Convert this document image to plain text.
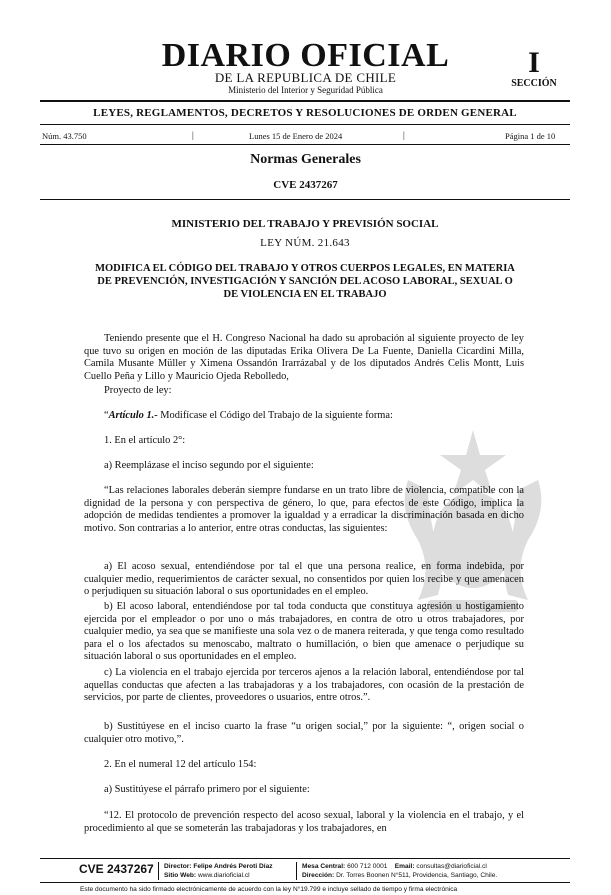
DIARIO OFICIAL
DE LA REPUBLICA DE CHILE
Ministerio del Interior y Seguridad Pública
I
SECCIÓN
LEYES, REGLAMENTOS, DECRETOS Y RESOLUCIONES DE ORDEN GENERAL
Núm. 43.750	|	Lunes 15 de Enero de 2024	|	Página 1 de 10
Normas Generales
CVE 2437267
MINISTERIO DEL TRABAJO Y PREVISIÓN SOCIAL
LEY NÚM. 21.643
MODIFICA EL CÓDIGO DEL TRABAJO Y OTROS CUERPOS LEGALES, EN MATERIA DE PREVENCIÓN, INVESTIGACIÓN Y SANCIÓN DEL ACOSO LABORAL, SEXUAL O DE VIOLENCIA EN EL TRABAJO

Teniendo presente que el H. Congreso Nacional ha dado su aprobación al siguiente proyecto de ley que tuvo su origen en moción de las diputadas Erika Olivera De La Fuente, Daniella Cicardini Milla, Camila Musante Müller y Ximena Ossandón Irarrázabal y de los diputados Andrés Celis Montt, Luis Cuello Peña y Lillo y Mauricio Ojeda Rebolledo,

Proyecto de ley:

“Artículo 1.- Modifícase el Código del Trabajo de la siguiente forma:

1. En el artículo 2°:

a) Reemplázase el inciso segundo por el siguiente:

“Las relaciones laborales deberán siempre fundarse en un trato libre de violencia, compatible con la dignidad de la persona y con perspectiva de género, lo que, para efectos de este Código, implica la adopción de medidas tendientes a promover la igualdad y a erradicar la discriminación basada en dicho motivo. Son contrarias a lo anterior, entre otras conductas, las siguientes:

a) El acoso sexual, entendiéndose por tal el que una persona realice, en forma indebida, por cualquier medio, requerimientos de carácter sexual, no consentidos por quien los recibe y que amenacen o perjudiquen su situación laboral o sus oportunidades en el empleo.

b) El acoso laboral, entendiéndose por tal toda conducta que constituya agresión u hostigamiento ejercida por el empleador o por uno o más trabajadores, en contra de otro u otros trabajadores, por cualquier medio, ya sea que se manifieste una sola vez o de manera reiterada, y que tenga como resultado para el o los afectados su menoscabo, maltrato o humillación, o bien que amenace o perjudique su situación laboral o sus oportunidades en el empleo.

c) La violencia en el trabajo ejercida por terceros ajenos a la relación laboral, entendiéndose por tal aquellas conductas que afecten a las trabajadoras y a los trabajadores, con ocasión de la prestación de servicios, por parte de clientes, proveedores o usuarios, entre otros.”.

b) Sustitúyese en el inciso cuarto la frase “u origen social,” por la siguiente: “, origen social o cualquier otro motivo,”.

2. En el numeral 12 del artículo 154:

a) Sustitúyese el párrafo primero por el siguiente:

“12. El protocolo de prevención respecto del acoso sexual, laboral y la violencia en el trabajo, y el procedimiento al que se someterán las trabajadoras y los trabajadores, en

CVE 2437267 Director: Felipe Andrés Peroti Díaz
Sitio Web: www.diarioficial.cl
Mesa Central: 600 712 0001 Email: consultas@diarioficial.cl
Dirección: Dr. Torres Boonen N°511, Providencia, Santiago, Chile.
Este documento ha sido firmado electrónicamente de acuerdo con la ley N°19.799 e incluye sellado de tiempo y firma electrónica
